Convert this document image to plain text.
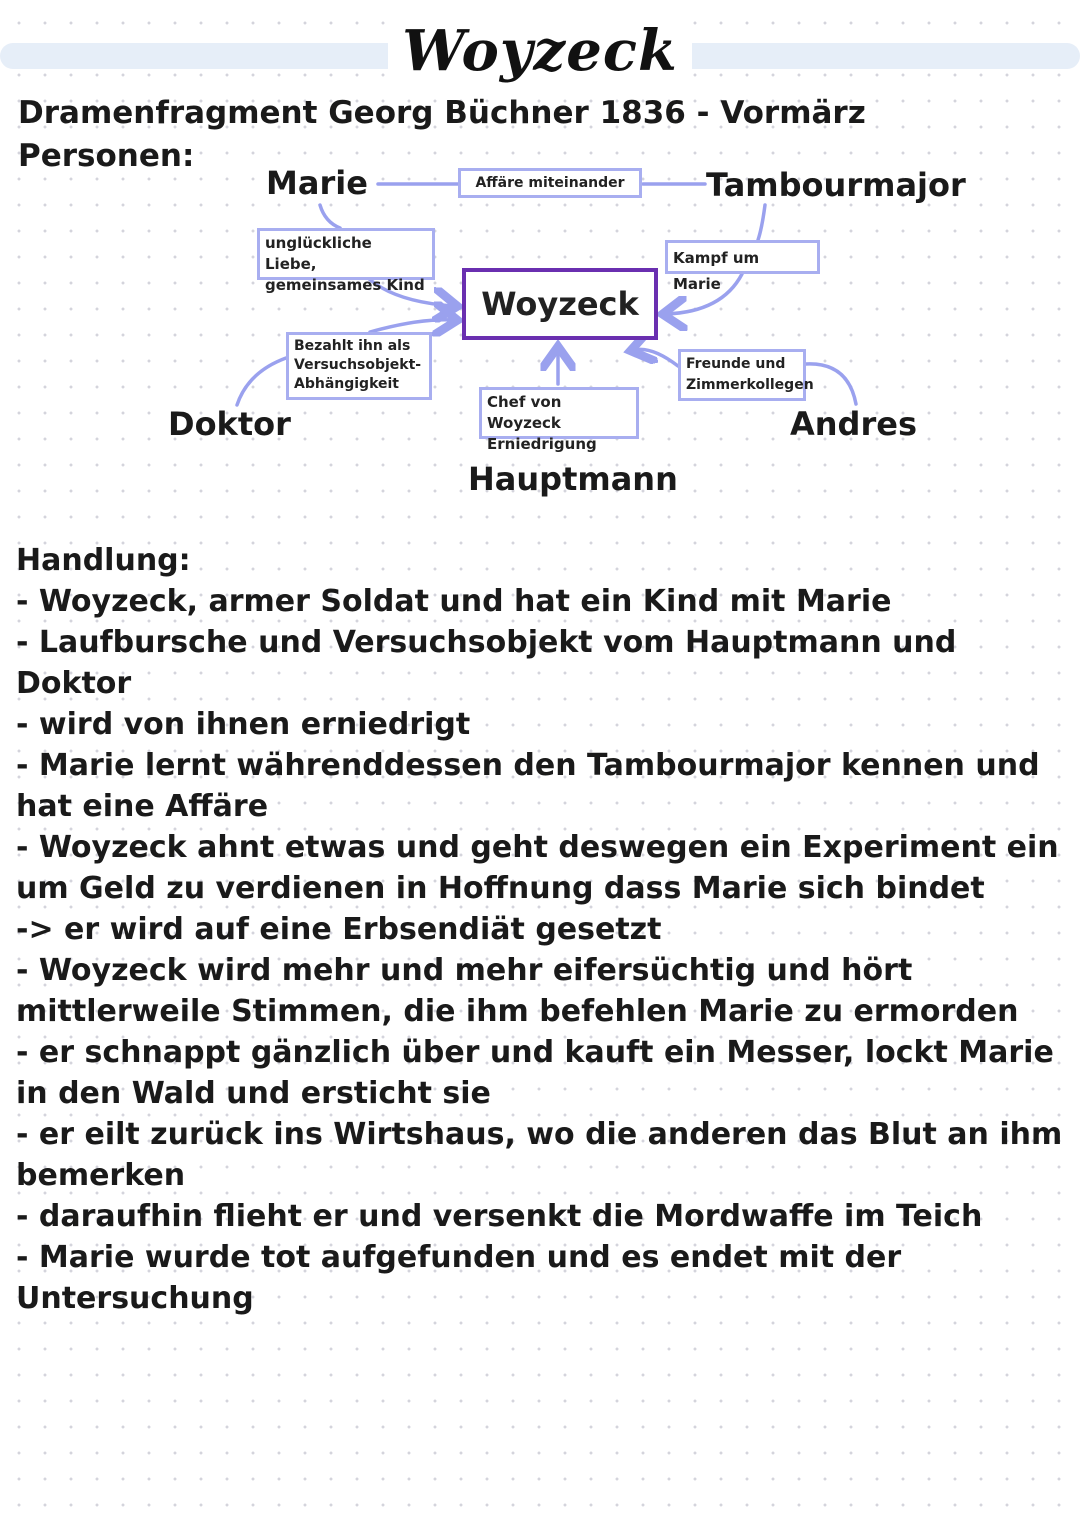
Woyzeck
Dramenfragment Georg Büchner 1836 - Vormärz
Personen:
Marie	Tambourmajor
Doktor	Andres
Hauptmann
Woyzeck
Affäre miteinander
unglückliche Liebe,
gemeinsames Kind
Kampf um Marie
Bezahlt ihn als
Versuchsobjekt-
Abhängigkeit
Chef von Woyzeck
Erniedrigung
Freunde und
Zimmerkollegen

Handlung:

- Woyzeck, armer Soldat und hat ein Kind mit Marie

- Laufbursche und Versuchsobjekt vom Hauptmann und Doktor

- wird von ihnen erniedrigt

- Marie lernt währenddessen den Tambourmajor kennen und hat eine Affäre

- Woyzeck ahnt etwas und geht deswegen ein Experiment ein um Geld zu verdienen in Hoffnung dass Marie sich bindet

-> er wird auf eine Erbsendiät gesetzt

- Woyzeck wird mehr und mehr eifersüchtig und hört mittlerweile Stimmen, die ihm befehlen Marie zu ermorden

- er schnappt gänzlich über und kauft ein Messer, lockt Marie in den Wald und ersticht sie

- er eilt zurück ins Wirtshaus, wo die anderen das Blut an ihm bemerken

- daraufhin flieht er und versenkt die Mordwaffe im Teich

- Marie wurde tot aufgefunden und es endet mit der Untersuchung
